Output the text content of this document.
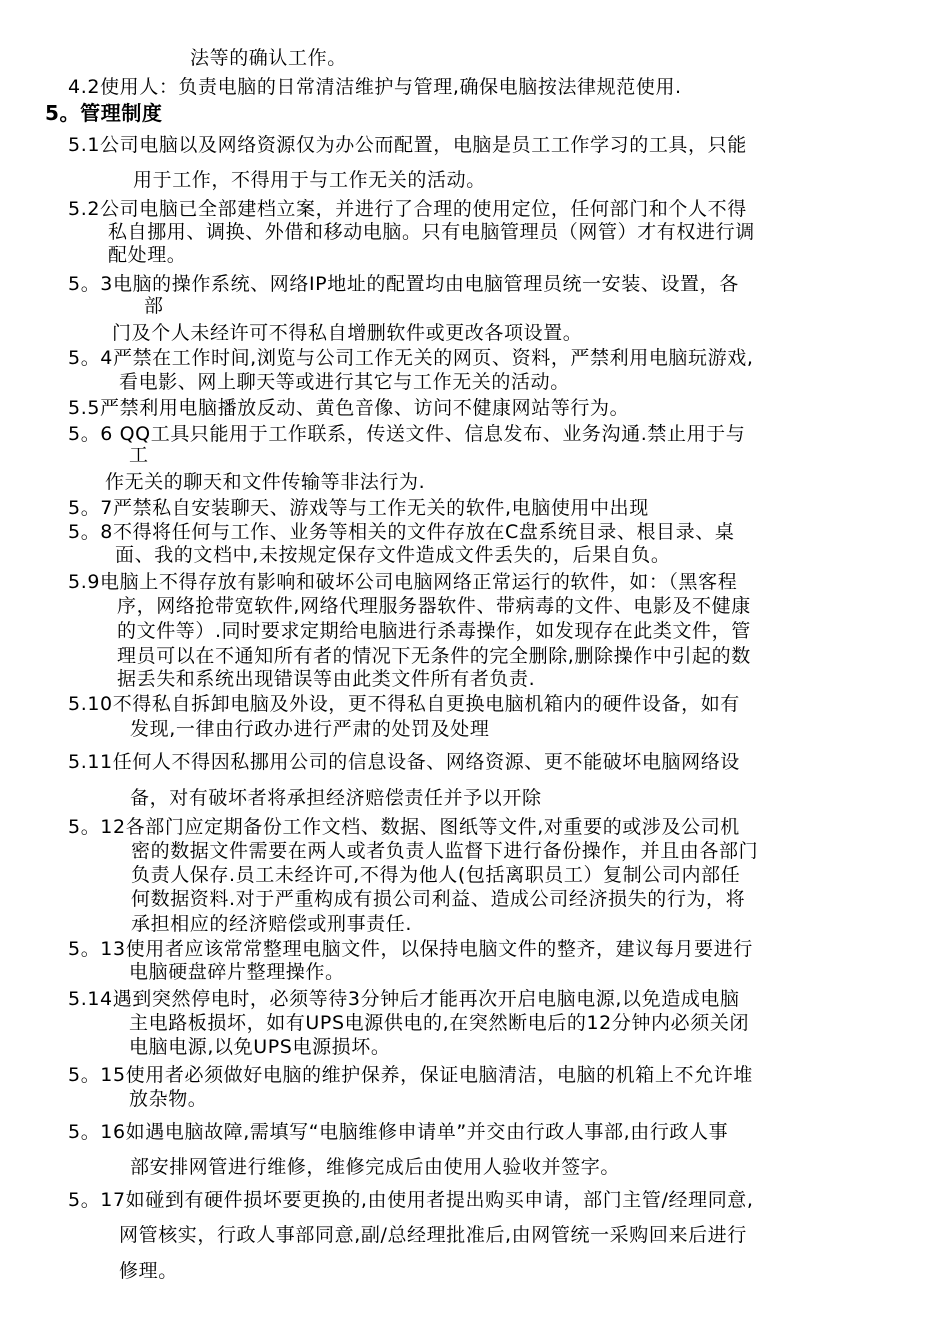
法等的确认工作。
4.2使用人：负责电脑的日常清洁维护与管理,确保电脑按法律规范使用.
5。管理制度
5.1公司电脑以及网络资源仅为办公而配置，电脑是员工工作学习的工具，只能
用于工作，不得用于与工作无关的活动。
5.2公司电脑已全部建档立案，并进行了合理的使用定位，任何部门和个人不得
私自挪用、调换、外借和移动电脑。只有电脑管理员（网管）才有权进行调
配处理。
5。3电脑的操作系统、网络IP地址的配置均由电脑管理员统一安装、设置，各
部
门及个人未经许可不得私自增删软件或更改各项设置。
5。4严禁在工作时间,浏览与公司工作无关的网页、资料，严禁利用电脑玩游戏,
看电影、网上聊天等或进行其它与工作无关的活动。
5.5严禁利用电脑播放反动、黄色音像、访问不健康网站等行为。
5。6 QQ工具只能用于工作联系，传送文件、信息发布、业务沟通.禁止用于与
工
作无关的聊天和文件传输等非法行为.
5。7严禁私自安装聊天、游戏等与工作无关的软件,电脑使用中出现
5。8不得将任何与工作、业务等相关的文件存放在C盘系统目录、根目录、桌
面、我的文档中,未按规定保存文件造成文件丢失的，后果自负。
5.9电脑上不得存放有影响和破坏公司电脑网络正常运行的软件，如：（黑客程
序，网络抢带宽软件,网络代理服务器软件、带病毒的文件、电影及不健康
的文件等）.同时要求定期给电脑进行杀毒操作，如发现存在此类文件，管
理员可以在不通知所有者的情况下无条件的完全删除,删除操作中引起的数
据丢失和系统出现错误等由此类文件所有者负责.
5.10不得私自拆卸电脑及外设，更不得私自更换电脑机箱内的硬件设备，如有
发现,一律由行政办进行严肃的处罚及处理
5.11任何人不得因私挪用公司的信息设备、网络资源、更不能破坏电脑网络设
备，对有破坏者将承担经济赔偿责任并予以开除
5。12各部门应定期备份工作文档、数据、图纸等文件,对重要的或涉及公司机
密的数据文件需要在两人或者负责人监督下进行备份操作，并且由各部门
负责人保存.员工未经许可,不得为他人(包括离职员工）复制公司内部任
何数据资料.对于严重构成有损公司利益、造成公司经济损失的行为，将
承担相应的经济赔偿或刑事责任.
5。13使用者应该常常整理电脑文件，以保持电脑文件的整齐，建议每月要进行
电脑硬盘碎片整理操作。
5.14遇到突然停电时，必须等待3分钟后才能再次开启电脑电源,以免造成电脑
主电路板损坏，如有UPS电源供电的,在突然断电后的12分钟内必须关闭
电脑电源,以免UPS电源损坏。
5。15使用者必须做好电脑的维护保养，保证电脑清洁，电脑的机箱上不允许堆
放杂物。
5。16如遇电脑故障,需填写“电脑维修申请单”并交由行政人事部,由行政人事
部安排网管进行维修，维修完成后由使用人验收并签字。
5。17如碰到有硬件损坏要更换的,由使用者提出购买申请，部门主管/经理同意,
网管核实，行政人事部同意,副/总经理批准后,由网管统一采购回来后进行
修理。
